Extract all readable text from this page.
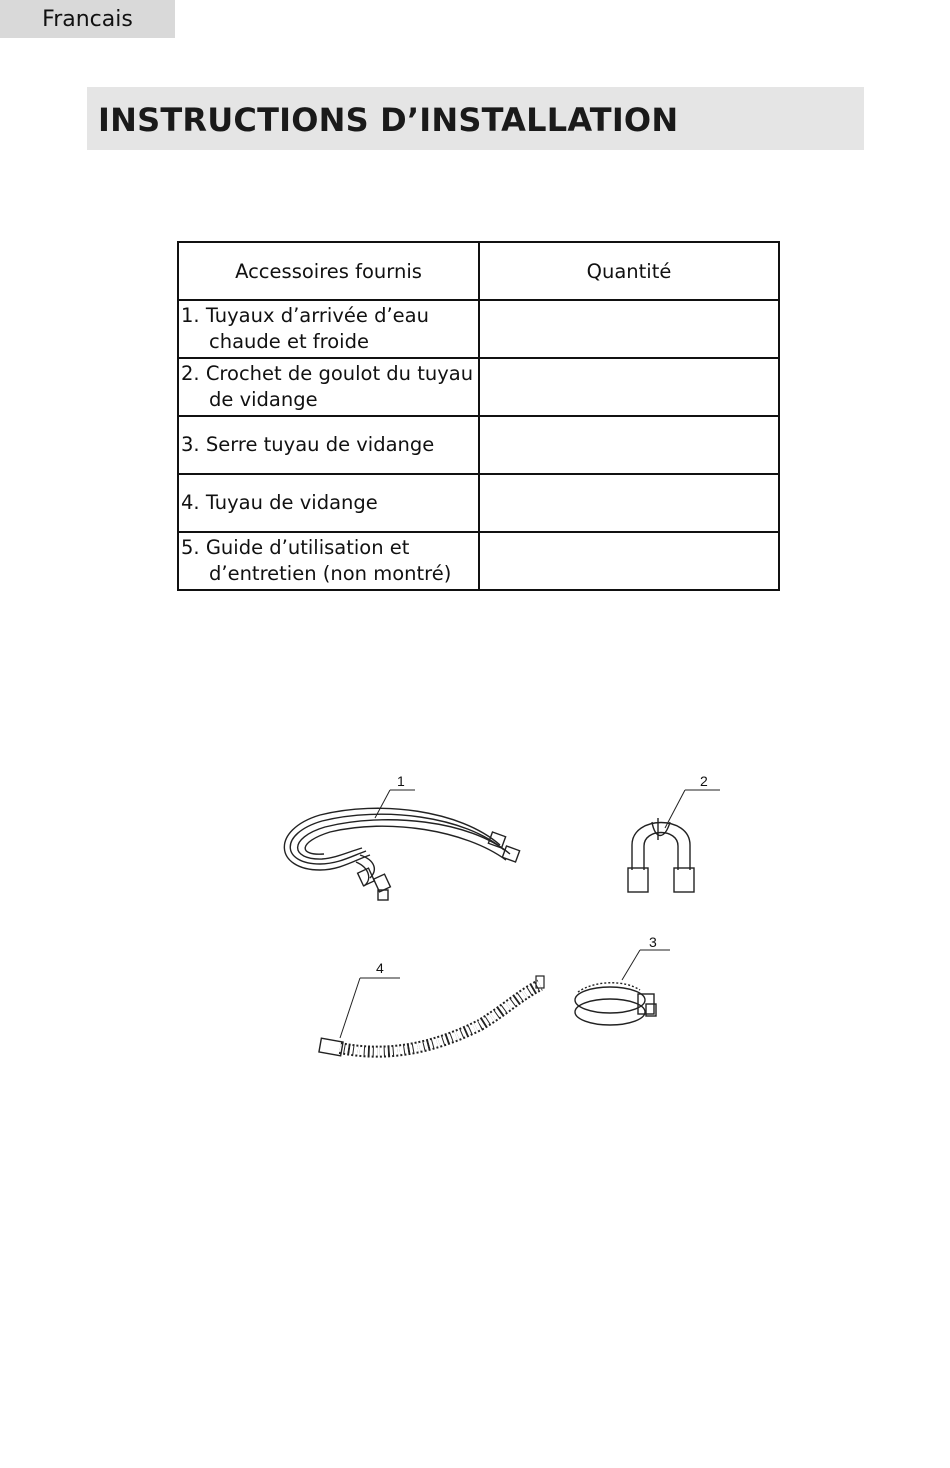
Francais
INSTRUCTIONS D’INSTALLATION
Accessoires fournis	Quantité
1. Tuyaux d’arrivée d’eau
chaude et froide	

2. Crochet de goulot du tuyau
de vidange	

3. Serre tuyau de vidange	
4. Tuyau de vidange	
5. Guide d’utilisation et
d’entretien (non montré)	

1	2
3
4
